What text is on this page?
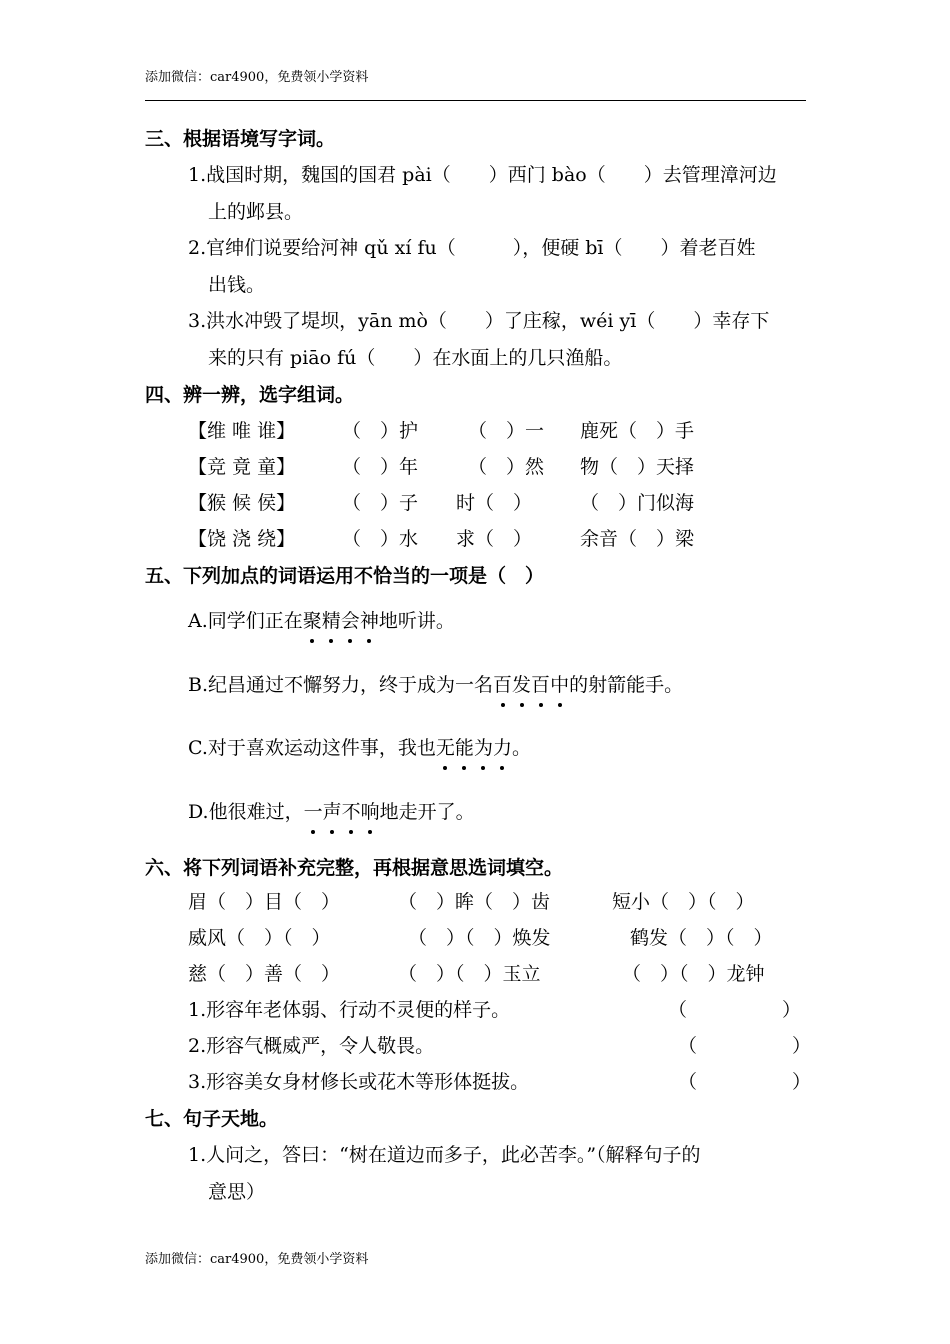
添加微信：car4900，免费领小学资料
三、根据语境写字词。
1.战国时期，魏国的国君 pài（　　）西门 bào（　　）去管理漳河边
上的邺县。
2.官绅们说要给河神 qǔ xí fu（　　　），便硬 bī（　　）着老百姓
出钱。
3.洪水冲毁了堤坝，yān mò（　　）了庄稼，wéi yī（　　）幸存下
来的只有 piāo fú（　　）在水面上的几只渔船。
四、辨一辨，选字组词。
【维 唯 谁】 （　）护	（　）一 鹿死（　）手
【竞 竟 童】 （　）年	（　）然 物（　）天择
【猴 候 侯】 （　）子 时（　）	（　）门似海
【饶 浇 绕】 （　）水 求（　）	余音（　）梁
五、下列加点的词语运用不恰当的一项是（　）
A.同学们正在聚精会神地听讲。
B.纪昌通过不懈努力，终于成为一名百发百中的射箭能手。
C.对于喜欢运动这件事，我也无能为力。
D.他很难过，一声不响地走开了。
六、将下列词语补充完整，再根据意思选词填空。
眉（　）目（　）	（　）眸（　）齿	短小（　）（　）
威风（　）（　）	（　）（　）焕发	鹤发（　）（　）
慈（　）善（　）	（　）（　）玉立	（　）（　）龙钟
1.形容年老体弱、行动不灵便的样子。	（　　　　　）
2.形容气概威严，令人敬畏。	（　　　　　）
3.形容美女身材修长或花木等形体挺拔。	（　　　　　）
七、句子天地。
1.人问之，答曰：“树在道边而多子，此必苦李。”（解释句子的
意思）
添加微信：car4900，免费领小学资料
